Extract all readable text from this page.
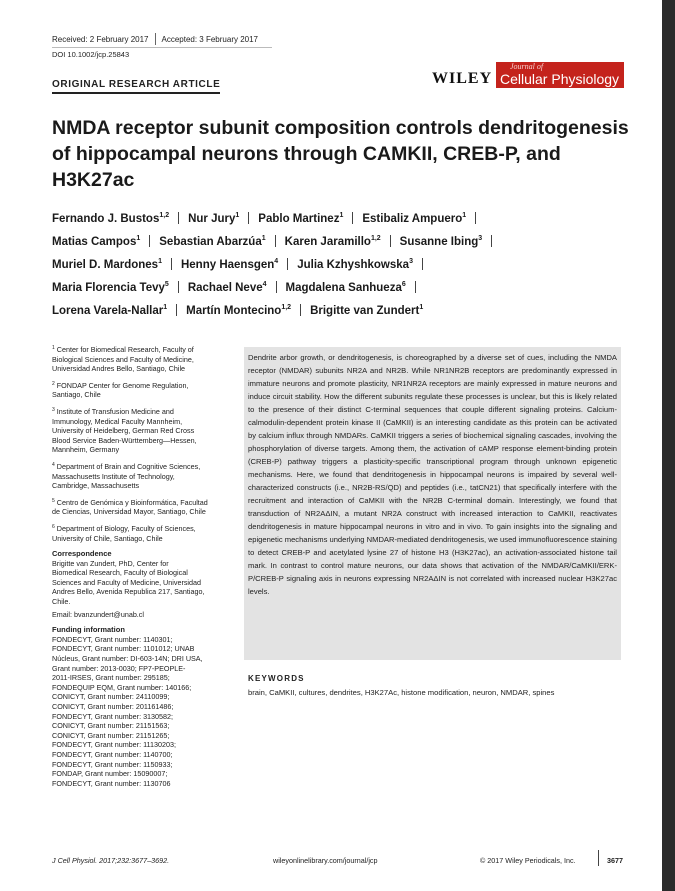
Received: 2 February 2017 Accepted: 3 February 2017
DOI 10.1002/jcp.25843
ORIGINAL RESEARCH ARTICLE	WILEY
Journal of
Cellular Physiology
NMDA receptor subunit composition controls dendritogenesis
of hippocampal neurons through CAMKII, CREB-P, and
H3K27ac
Fernando J. Bustos$^{1,2}$ Nur Jury$^1$ Pablo Martinez$^1$ Estibaliz Ampuero$^1$
Matias Campos$^1$ Sebastian Abarzúa$^1$ Karen Jaramillo$^{1,2}$ Susanne Ibing$^3$
Muriel D. Mardones$^1$ Henny Haensgen$^4$ Julia Kzhyshkowska$^3$
Maria Florencia Tevy$^5$ Rachael Neve$^4$ Magdalena Sanhueza$^6$
Lorena Varela-Nallar$^1$ Martín Montecino$^{1,2}$ Brigitte van Zundert$^1$
$^1$ Center for Biomedical Research, Faculty of
Biological Sciences and Faculty of Medicine,
Universidad Andres Bello, Santiago, Chile
$^2$ FONDAP Center for Genome Regulation,
Santiago, Chile
$^3$ Institute of Transfusion Medicine and
Immunology, Medical Faculty Mannheim,
University of Heidelberg, German Red Cross
Blood Service Baden-Württemberg—Hessen,
Mannheim, Germany
$^4$ Department of Brain and Cognitive Sciences,
Massachusetts Institute of Technology,
Cambridge, Massachusetts
$^5$ Centro de Genómica y Bioinformática, Facultad
de Ciencias, Universidad Mayor, Santiago, Chile
$^6$ Department of Biology, Faculty of Sciences,
University of Chile, Santiago, Chile
Correspondence
Brigitte van Zundert, PhD, Center for
Biomedical Research, Faculty of Biological
Sciences and Faculty of Medicine, Universidad
Andres Bello, Avenida Republica 217, Santiago,
Chile.
Email: bvanzundert@unab.cl
Funding information
FONDECYT, Grant number: 1140301;
FONDECYT, Grant number: 1101012; UNAB
Núcleus, Grant number: DI-603-14N; DRI USA,
Grant number: 2013-0030; FP7-PEOPLE-
2011-IRSES, Grant number: 295185;
FONDEQUIP EQM, Grant number: 140166;
CONICYT, Grant number: 24110099;
CONICYT, Grant number: 201161486;
FONDECYT, Grant number: 3130582;
CONICYT, Grant number: 21151563;
CONICYT, Grant number: 21151265;
FONDECYT, Grant number: 11130203;
FONDECYT, Grant number: 1140700;
FONDECYT, Grant number: 1150933;
FONDAP, Grant number: 15090007;
FONDECYT, Grant number: 1130706
Dendrite arbor growth, or dendritogenesis, is choreographed by a diverse set of cues, including the NMDA receptor (NMDAR) subunits NR2A and NR2B. While NR1NR2B receptors are predominantly expressed in immature neurons and promote plasticity, NR1NR2A receptors are mainly expressed in mature neurons and induce circuit stability. How the different subunits regulate these processes is unclear, but this is likely related to the presence of their distinct C-terminal sequences that couple different signaling proteins. Calcium-calmodulin-dependent protein kinase II (CaMKII) is an interesting candidate as this protein can be activated by calcium influx through NMDARs. CaMKII triggers a series of biochemical signaling cascades, involving the phosphorylation of diverse targets. Among them, the activation of cAMP response element-binding protein (CREB-P) pathway triggers a plasticity-specific transcriptional program through unknown epigenetic mechanisms. Here, we found that dendritogenesis in hippocampal neurons is impaired by several well-characterized constructs (i.e., NR2B-RS/QD) and peptides (i.e., tatCN21) that specifically interfere with the recruitment and interaction of CaMKII with the NR2B C-terminal domain. Interestingly, we found that transduction of NR2AΔIN, a mutant NR2A construct with increased interaction to CaMKII, reactivates dendritogenesis in mature hippocampal neurons in vitro and in vivo. To gain insights into the signaling and epigenetic mechanisms underlying NMDAR-mediated dendritogenesis, we used immunofluorescence staining to detect CREB-P and acetylated lysine 27 of histone H3 (H3K27ac), an activation-associated histone tail mark. In contrast to control mature neurons, our data shows that activation of the NMDAR/CaMKII/ERK-P/CREB-P signaling axis in neurons expressing NR2AΔIN is not correlated with increased nuclear H3K27ac levels.
KEYWORDS
brain, CaMKII, cultures, dendrites, H3K27Ac, histone modification, neuron, NMDAR, spines
J Cell Physiol. 2017;232:3677–3692.	wileyonlinelibrary.com/journal/jcp	© 2017 Wiley Periodicals, Inc.	3677
